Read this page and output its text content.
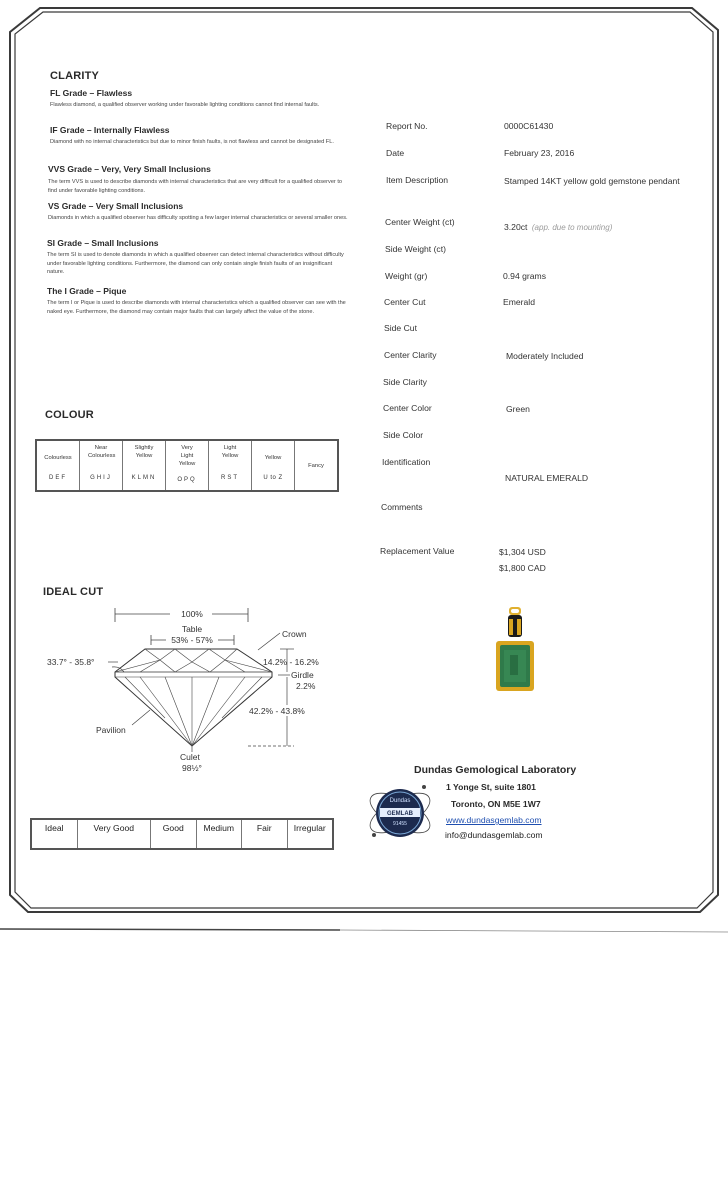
CLARITY
FL Grade – Flawless
Flawless diamond, a qualified observer working under favorable lighting conditions cannot find internal faults.
IF Grade – Internally Flawless
Diamond with no internal characteristics but due to minor finish faults, is not flawless and cannot be designated FL.
VVS Grade – Very, Very Small Inclusions
The term VVS is used to describe diamonds with internal characteristics that are very difficult for a qualified observer to find under favorable lighting conditions.
VS Grade – Very Small Inclusions
Diamonds in which a qualified observer has difficulty spotting a few larger internal characteristics or several smaller ones.
SI Grade – Small Inclusions
The term SI is used to denote diamonds in which a qualified observer can detect internal characteristics without difficulty under favorable lighting conditions. Furthermore, the diamond can only contain single finish faults of an insignificant nature.
The I Grade – Pique
The term I or Pique is used to describe diamonds with internal characteristics which a qualified observer can see with the naked eye. Furthermore, the diamond may contain major faults that can largely affect the value of the stone.
Report No.	0000C61430
Date	February 23, 2016
Item Description	Stamped 14KT yellow gold gemstone pendant
Center Weight (ct)	3.20ct (app. due to mounting)
Side Weight (ct)
Weight (gr)	0.94 grams
Center Cut	Emerald
Side Cut
Center Clarity	Moderately Included
Side Clarity
Center Color	Green
Side Color
Identification
NATURAL EMERALD
Comments
Replacement Value	$1,304 USD
$1,800 CAD
COLOUR
Colourless
DEF
Near Colourless
GHIJ
Slightly Yellow
KLMN
Very Light Yellow
OPQ
Light Yellow
RST
Yellow
U to Z
Fancy
IDEAL CUT
100%
Table
53% - 57%
Crown
33.7° - 35.8°	14.2% - 16.2%
Girdle
2.2%
42.2% - 43.8%
Pavilion
Culet
98½°
Ideal	Very Good	Good	Medium	Fair	Irregular
Dundas
GEMLAB
91455
Dundas Gemological Laboratory
1 Yonge St, suite 1801
Toronto, ON M5E 1W7
www.dundasgemlab.com
info@dundasgemlab.com
